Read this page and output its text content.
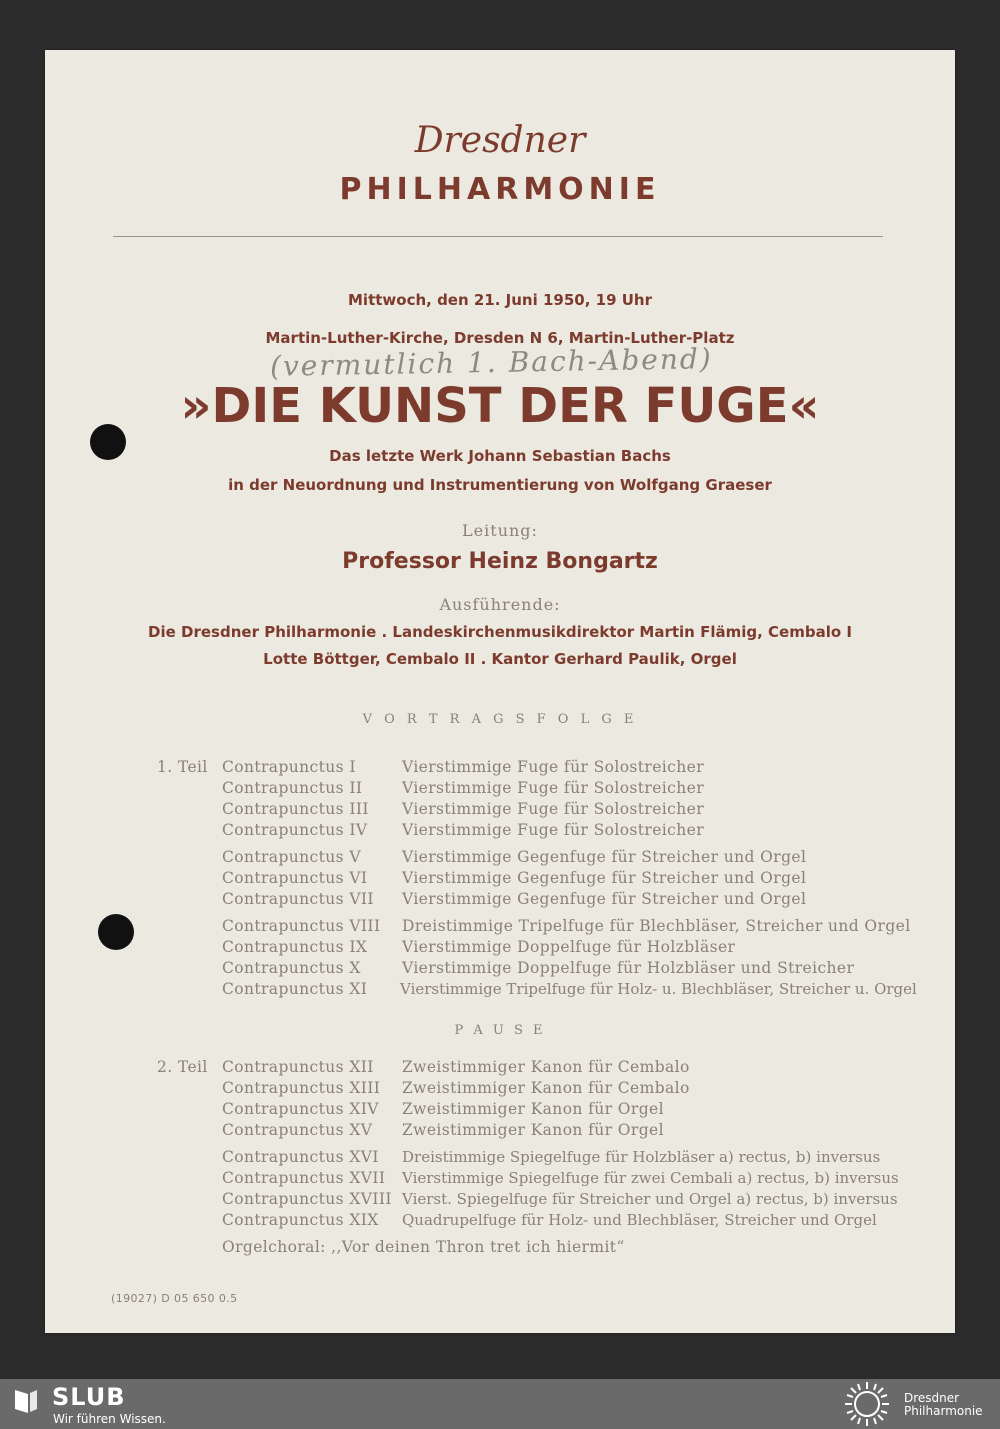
Dresdner
PHILHARMONIE
Mittwoch, den 21. Juni 1950, 19 Uhr
Martin-Luther-Kirche, Dresden N 6, Martin-Luther-Platz
(vermutlich 1. Bach-Abend)
»DIE KUNST DER FUGE«
Das letzte Werk Johann Sebastian Bachs
in der Neuordnung und Instrumentierung von Wolfgang Graeser
Leitung:
Professor Heinz Bongartz
Ausführende:
Die Dresdner Philharmonie . Landeskirchenmusikdirektor Martin Flämig, Cembalo I
Lotte Böttger, Cembalo II . Kantor Gerhard Paulik, Orgel
V O R T R A G S F O L G E
1. Teil Contrapunctus I	Vierstimmige Fuge für Solostreicher
Contrapunctus II	Vierstimmige Fuge für Solostreicher
Contrapunctus III Vierstimmige Fuge für Solostreicher
Contrapunctus IV Vierstimmige Fuge für Solostreicher
Contrapunctus V	Vierstimmige Gegenfuge für Streicher und Orgel
Contrapunctus VI Vierstimmige Gegenfuge für Streicher und Orgel
Contrapunctus VII Vierstimmige Gegenfuge für Streicher und Orgel
Contrapunctus VIII Dreistimmige Tripelfuge für Blechbläser, Streicher und Orgel
Contrapunctus IX Vierstimmige Doppelfuge für Holzbläser
Contrapunctus X	Vierstimmige Doppelfuge für Holzbläser und Streicher
Contrapunctus XI Vierstimmige Tripelfuge für Holz- u. Blechbläser, Streicher u. Orgel
P A U S E
2. Teil Contrapunctus XII Zweistimmiger Kanon für Cembalo
Contrapunctus XIII Zweistimmiger Kanon für Cembalo
Contrapunctus XIV Zweistimmiger Kanon für Orgel
Contrapunctus XV Zweistimmiger Kanon für Orgel
Contrapunctus XVI Dreistimmige Spiegelfuge für Holzbläser a) rectus, b) inversus
Contrapunctus XVII Vierstimmige Spiegelfuge für zwei Cembali a) rectus, b) inversus
Contrapunctus XVIII Vierst. Spiegelfuge für Streicher und Orgel a) rectus, b) inversus
Contrapunctus XIX Quadrupelfuge für Holz- und Blechbläser, Streicher und Orgel
Orgelchoral: ,,Vor deinen Thron tret ich hiermit“
(19027) D 05 650 0.5
SLUB
Wir führen Wissen.
Dresdner
Philharmonie
